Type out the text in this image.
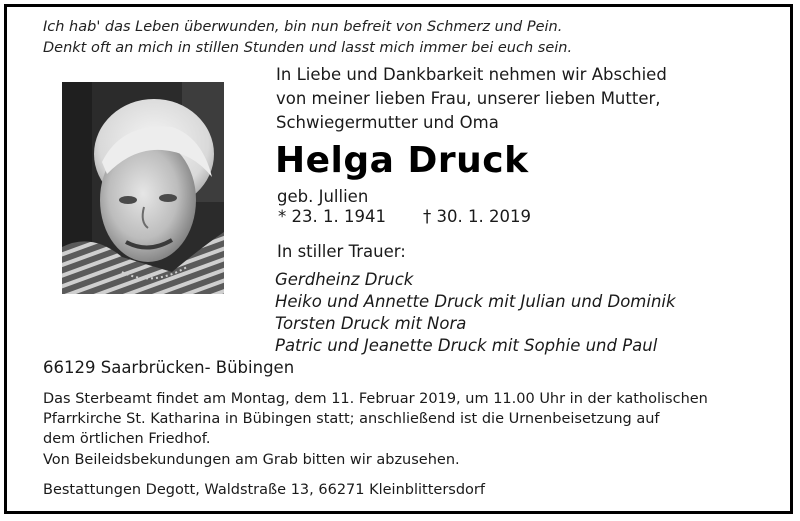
Ich hab' das Leben überwunden, bin nun befreit von Schmerz und Pein.
Denkt oft an mich in stillen Stunden und lasst mich immer bei euch sein.
In Liebe und Dankbarkeit nehmen wir Abschied
von meiner lieben Frau, unserer lieben Mutter,
Schwiegermutter und Oma
Helga Druck
geb. Jullien
* 23. 1. 1941 † 30. 1. 2019
In stiller Trauer:
Gerdheinz Druck
Heiko und Annette Druck mit Julian und Dominik
Torsten Druck mit Nora
Patric und Jeanette Druck mit Sophie und Paul
66129 Saarbrücken- Bübingen
Das Sterbeamt findet am Montag, dem 11. Februar 2019, um 11.00 Uhr in der katholischen
Pfarrkirche St. Katharina in Bübingen statt; anschließend ist die Urnenbeisetzung auf
dem örtlichen Friedhof.
Von Beileidsbekundungen am Grab bitten wir abzusehen.
Bestattungen Degott, Waldstraße 13, 66271 Kleinblittersdorf
